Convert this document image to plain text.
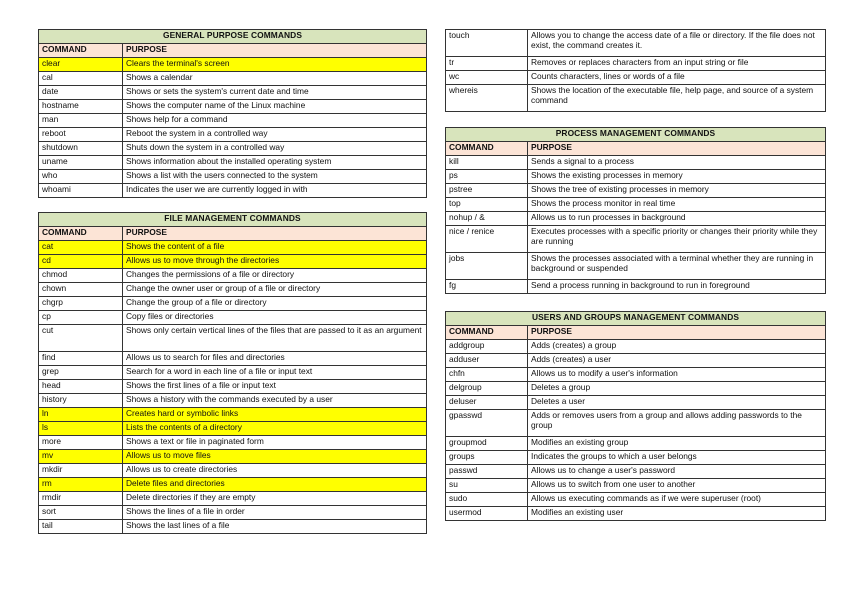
GENERAL PURPOSE COMMANDS	
COMMAND	PURPOSE
clear	Clears the terminal's screen
cal	Shows a calendar
date	Shows or sets the system's current date and time
hostname	Shows the computer name of the Linux machine
man	Shows help for a command
reboot	Reboot the system in a controlled way
shutdown	Shuts down the system in a controlled way
uname	Shows information about the installed operating system
who	Shows a list with the users connected to the system
whoami	Indicates the user we are currently logged in with
FILE MANAGEMENT COMMANDS	
COMMAND	PURPOSE
cat	Shows the content of a file
cd	Allows us to move through the directories
chmod	Changes the permissions of a file or directory
chown	Change the owner user or group of a file or directory
chgrp	Change the group of a file or directory
cp	Copy files or directories
cut	Shows only certain vertical lines of the files that are passed to it as an argument
find	Allows us to search for files and directories
grep	Search for a word in each line of a file or input text
head	Shows the first lines of a file or input text
history	Shows a history with the commands executed by a user
ln	Creates hard or symbolic links
ls	Lists the contents of a directory
more	Shows a text or file in paginated form
mv	Allows us to move files
mkdir	Allows us to create directories
rm	Delete files and directories
rmdir	Delete directories if they are empty
sort	Shows the lines of a file in order
tail	Shows the last lines of a file
touch	Allows you to change the access date of a file or directory. If the file does not exist, the command creates it.
tr	Removes or replaces characters from an input string or file
wc	Counts characters, lines or words of a file
whereis	Shows the location of the executable file, help page, and source of a system command
PROCESS MANAGEMENT COMMANDS	
COMMAND	PURPOSE
kill	Sends a signal to a process
ps	Shows the existing processes in memory
pstree	Shows the tree of existing processes in memory
top	Shows the process monitor in real time
nohup / &	Allows us to run processes in background
nice / renice	Executes processes with a specific priority or changes their priority while they are running
jobs	Shows the processes associated with a terminal whether they are running in background or suspended
fg	Send a process running in background to run in foreground
USERS AND GROUPS MANAGEMENT COMMANDS	
COMMAND	PURPOSE
addgroup	Adds (creates) a group
adduser	Adds (creates) a user
chfn	Allows us to modify a user's information
delgroup	Deletes a group
deluser	Deletes a user
gpasswd	Adds or removes users from a group and allows adding passwords to the group
groupmod	Modifies an existing group
groups	Indicates the groups to which a user belongs
passwd	Allows us to change a user's password
su	Allows us to switch from one user to another
sudo	Allows us executing commands as if we were superuser (root)
usermod	Modifies an existing user
